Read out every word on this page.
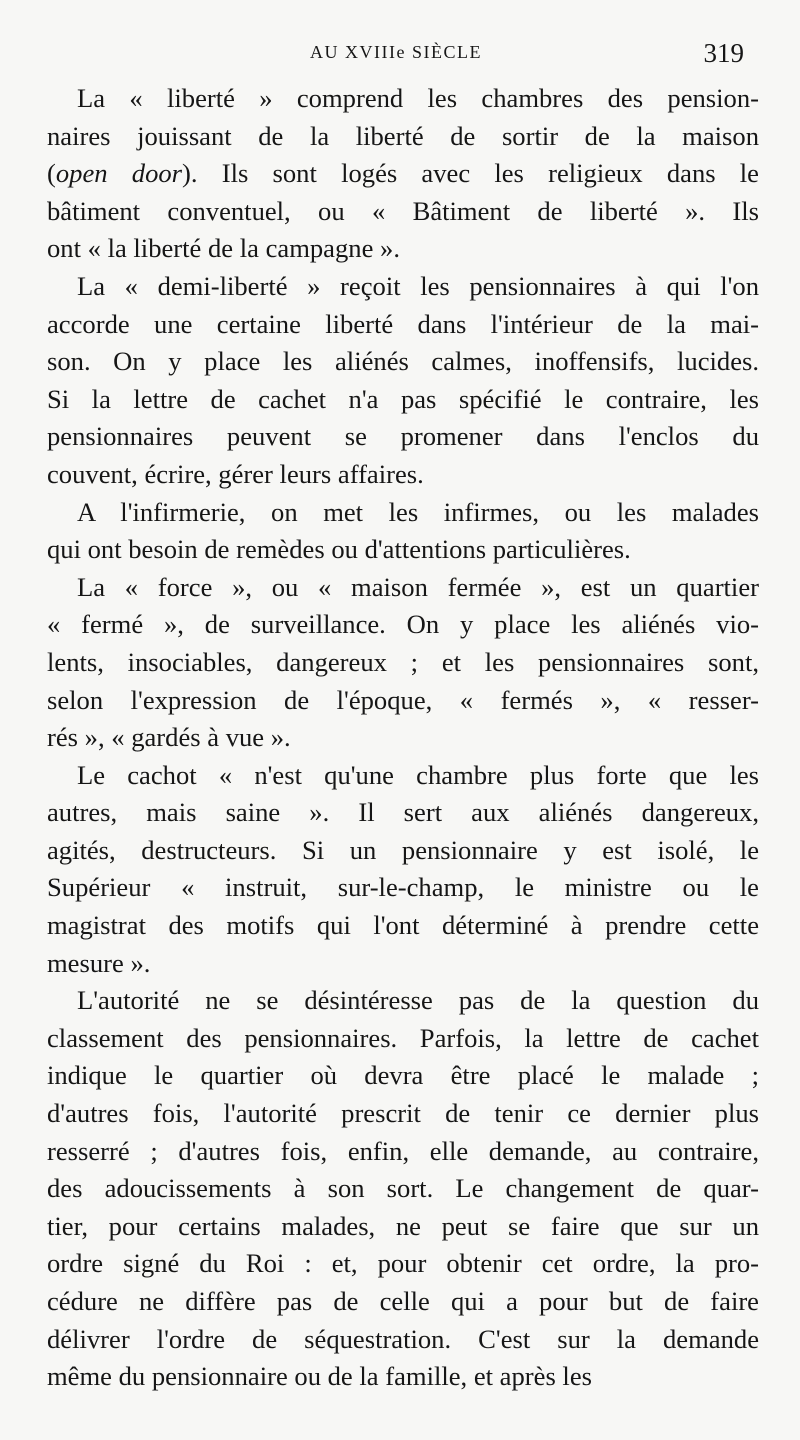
AU XVIIIe SIÈCLE	319

La « liberté » comprend les chambres des pension-
naires jouissant de la liberté de sortir de la maison
(open door). Ils sont logés avec les religieux dans le
bâtiment conventuel, ou « Bâtiment de liberté ». Ils
ont « la liberté de la campagne ».

La « demi-liberté » reçoit les pensionnaires à qui l'on
accorde une certaine liberté dans l'intérieur de la mai-
son. On y place les aliénés calmes, inoffensifs, lucides.
Si la lettre de cachet n'a pas spécifié le contraire, les
pensionnaires peuvent se promener dans l'enclos du
couvent, écrire, gérer leurs affaires.

A l'infirmerie, on met les infirmes, ou les malades
qui ont besoin de remèdes ou d'attentions particulières.

La « force », ou « maison fermée », est un quartier
« fermé », de surveillance. On y place les aliénés vio-
lents, insociables, dangereux ; et les pensionnaires sont,
selon l'expression de l'époque, « fermés », « resser-
rés », « gardés à vue ».

Le cachot « n'est qu'une chambre plus forte que les
autres, mais saine ». Il sert aux aliénés dangereux,
agités, destructeurs. Si un pensionnaire y est isolé, le
Supérieur « instruit, sur-le-champ, le ministre ou le
magistrat des motifs qui l'ont déterminé à prendre cette
mesure ».

L'autorité ne se désintéresse pas de la question du
classement des pensionnaires. Parfois, la lettre de cachet
indique le quartier où devra être placé le malade ;
d'autres fois, l'autorité prescrit de tenir ce dernier plus
resserré ; d'autres fois, enfin, elle demande, au contraire,
des adoucissements à son sort. Le changement de quar-
tier, pour certains malades, ne peut se faire que sur un
ordre signé du Roi : et, pour obtenir cet ordre, la pro-
cédure ne diffère pas de celle qui a pour but de faire
délivrer l'ordre de séquestration. C'est sur la demande
même du pensionnaire ou de la famille, et après les
